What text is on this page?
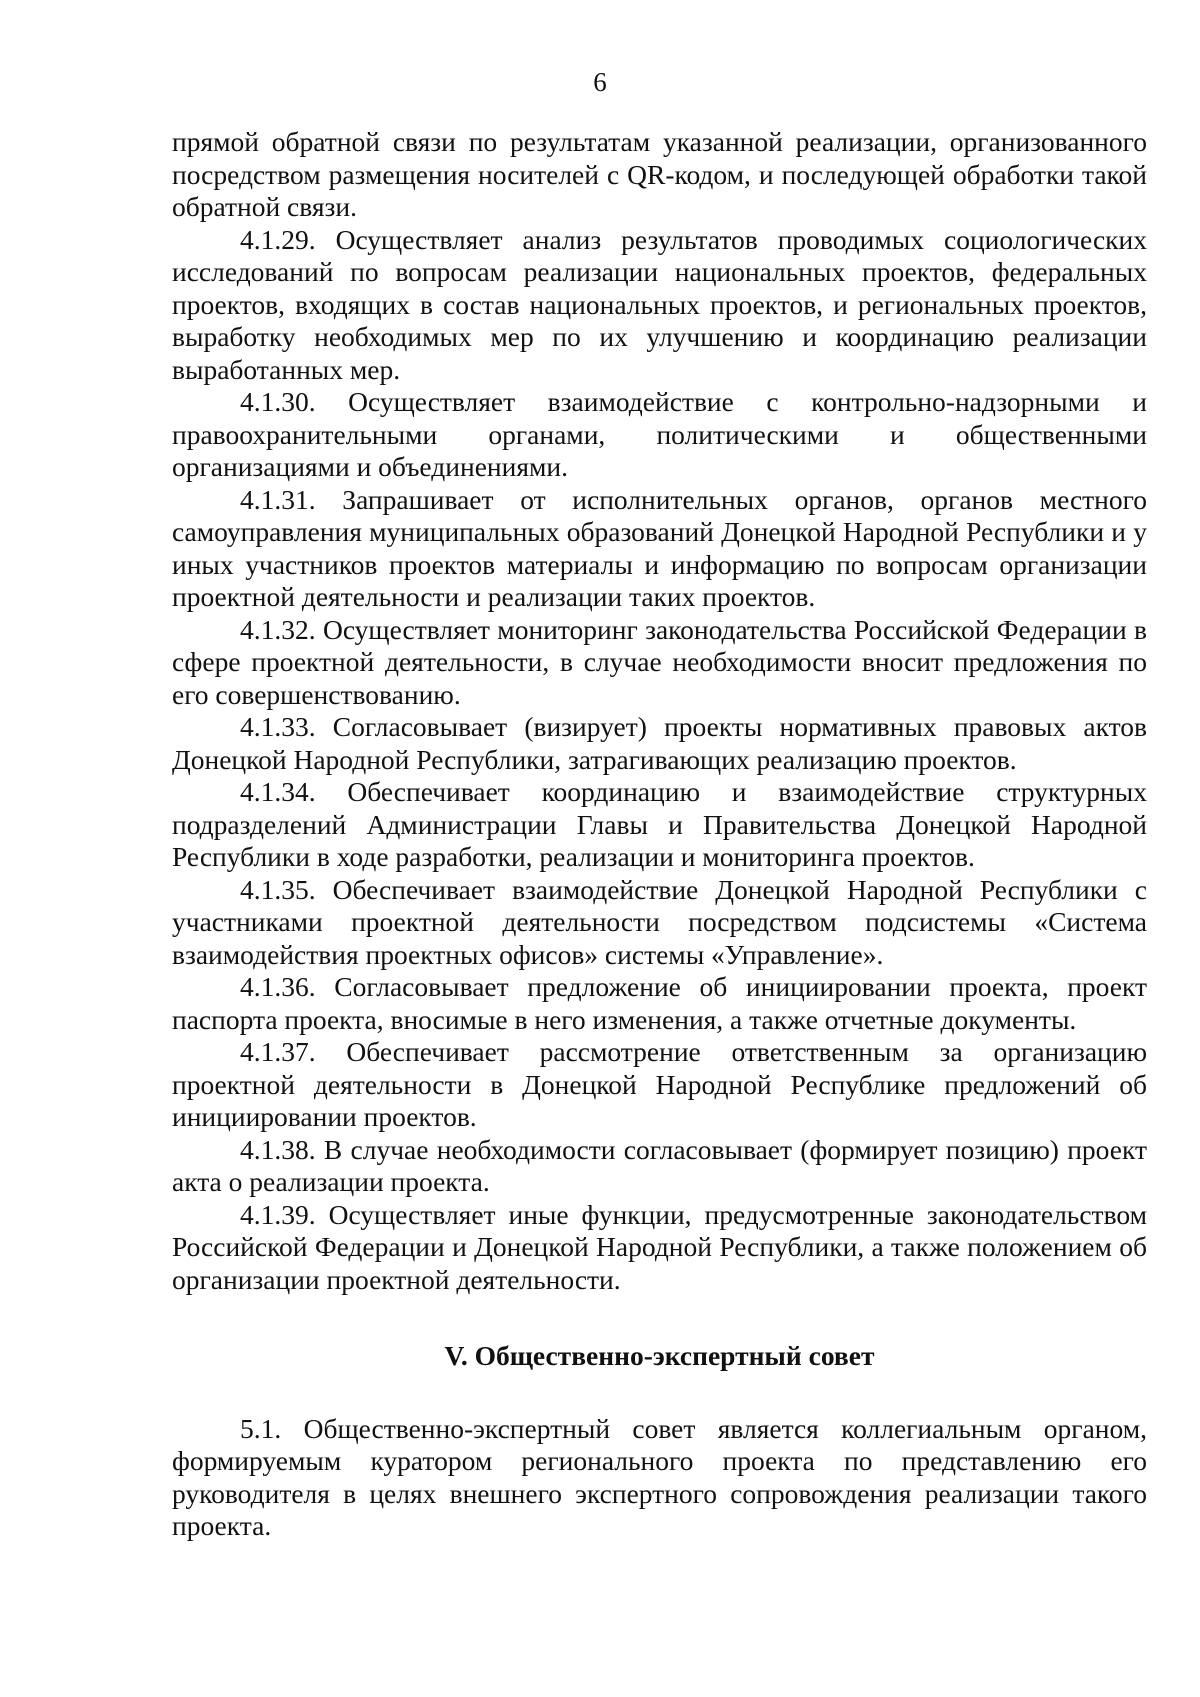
6

прямой обратной связи по результатам указанной реализации, организованного посредством размещения носителей с QR-кодом, и последующей обработки такой обратной связи.

4.1.29. Осуществляет анализ результатов проводимых социологических исследований по вопросам реализации национальных проектов, федеральных проектов, входящих в состав национальных проектов, и региональных проектов, выработку необходимых мер по их улучшению и координацию реализации выработанных мер.

4.1.30. Осуществляет взаимодействие с контрольно-надзорными и правоохранительными органами, политическими и общественными организациями и объединениями.

4.1.31. Запрашивает от исполнительных органов, органов местного самоуправления муниципальных образований Донецкой Народной Республики и у иных участников проектов материалы и информацию по вопросам организации проектной деятельности и реализации таких проектов.

4.1.32. Осуществляет мониторинг законодательства Российской Федерации в сфере проектной деятельности, в случае необходимости вносит предложения по его совершенствованию.

4.1.33. Согласовывает (визирует) проекты нормативных правовых актов Донецкой Народной Республики, затрагивающих реализацию проектов.

4.1.34. Обеспечивает координацию и взаимодействие структурных подразделений Администрации Главы и Правительства Донецкой Народной Республики в ходе разработки, реализации и мониторинга проектов.

4.1.35. Обеспечивает взаимодействие Донецкой Народной Республики с участниками проектной деятельности посредством подсистемы «Система взаимодействия проектных офисов» системы «Управление».

4.1.36. Согласовывает предложение об инициировании проекта, проект паспорта проекта, вносимые в него изменения, а также отчетные документы.

4.1.37. Обеспечивает рассмотрение ответственным за организацию проектной деятельности в Донецкой Народной Республике предложений об инициировании проектов.

4.1.38. В случае необходимости согласовывает (формирует позицию) проект акта о реализации проекта.

4.1.39. Осуществляет иные функции, предусмотренные законодательством Российской Федерации и Донецкой Народной Республики, а также положением об организации проектной деятельности.

V. Общественно-экспертный совет

5.1. Общественно-экспертный совет является коллегиальным органом, формируемым куратором регионального проекта по представлению его руководителя в целях внешнего экспертного сопровождения реализации такого проекта.
